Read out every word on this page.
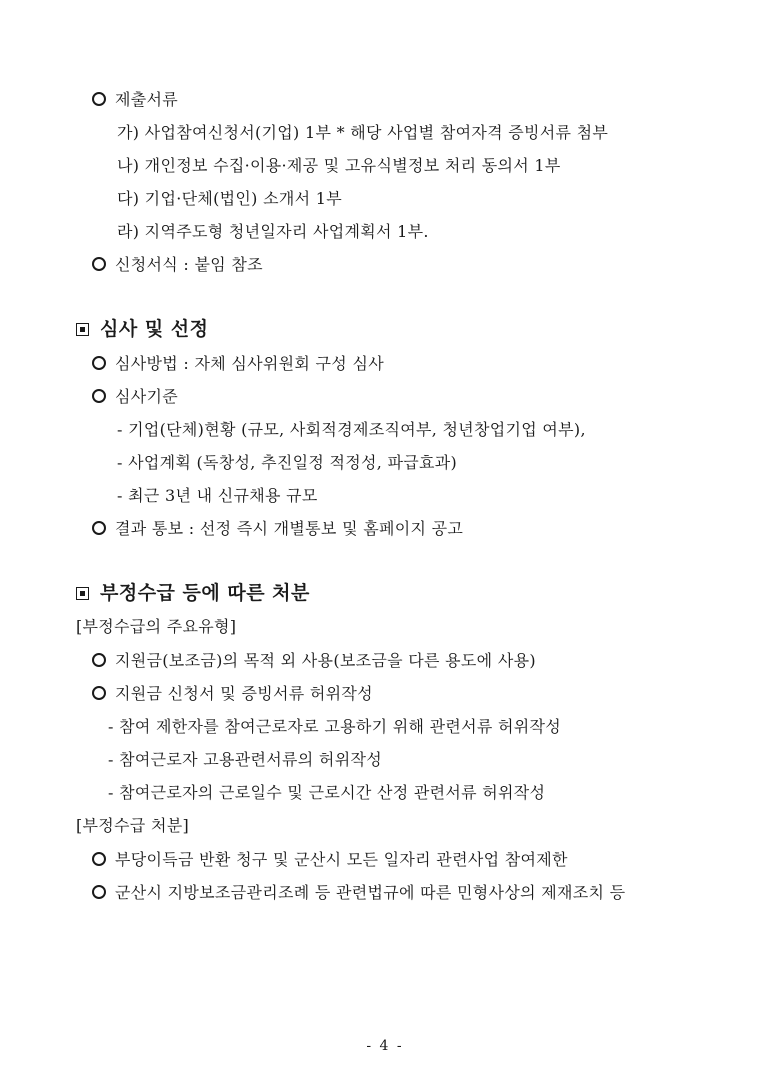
제출서류
가) 사업참여신청서(기업) 1부 * 해당 사업별 참여자격 증빙서류 첨부
나) 개인정보 수집·이용·제공 및 고유식별정보 처리 동의서 1부
다) 기업·단체(법인) 소개서 1부
라) 지역주도형 청년일자리 사업계획서 1부.
신청서식 : 붙임 참조
심사 및 선정
심사방법 : 자체 심사위원회 구성 심사
심사기준
- 기업(단체)현황 (규모, 사회적경제조직여부, 청년창업기업 여부),
- 사업계획 (독창성, 추진일정 적정성, 파급효과)
- 최근 3년 내 신규채용 규모
결과 통보 : 선정 즉시 개별통보 및 홈페이지 공고
부정수급 등에 따른 처분
[부정수급의 주요유형]
지원금(보조금)의 목적 외 사용(보조금을 다른 용도에 사용)
지원금 신청서 및 증빙서류 허위작성
- 참여 제한자를 참여근로자로 고용하기 위해 관련서류 허위작성
- 참여근로자 고용관련서류의 허위작성
- 참여근로자의 근로일수 및 근로시간 산정 관련서류 허위작성
[부정수급 처분]
부당이득금 반환 청구 및 군산시 모든 일자리 관련사업 참여제한
군산시 지방보조금관리조례 등 관련법규에 따른 민형사상의 제재조치 등
- 4 -
